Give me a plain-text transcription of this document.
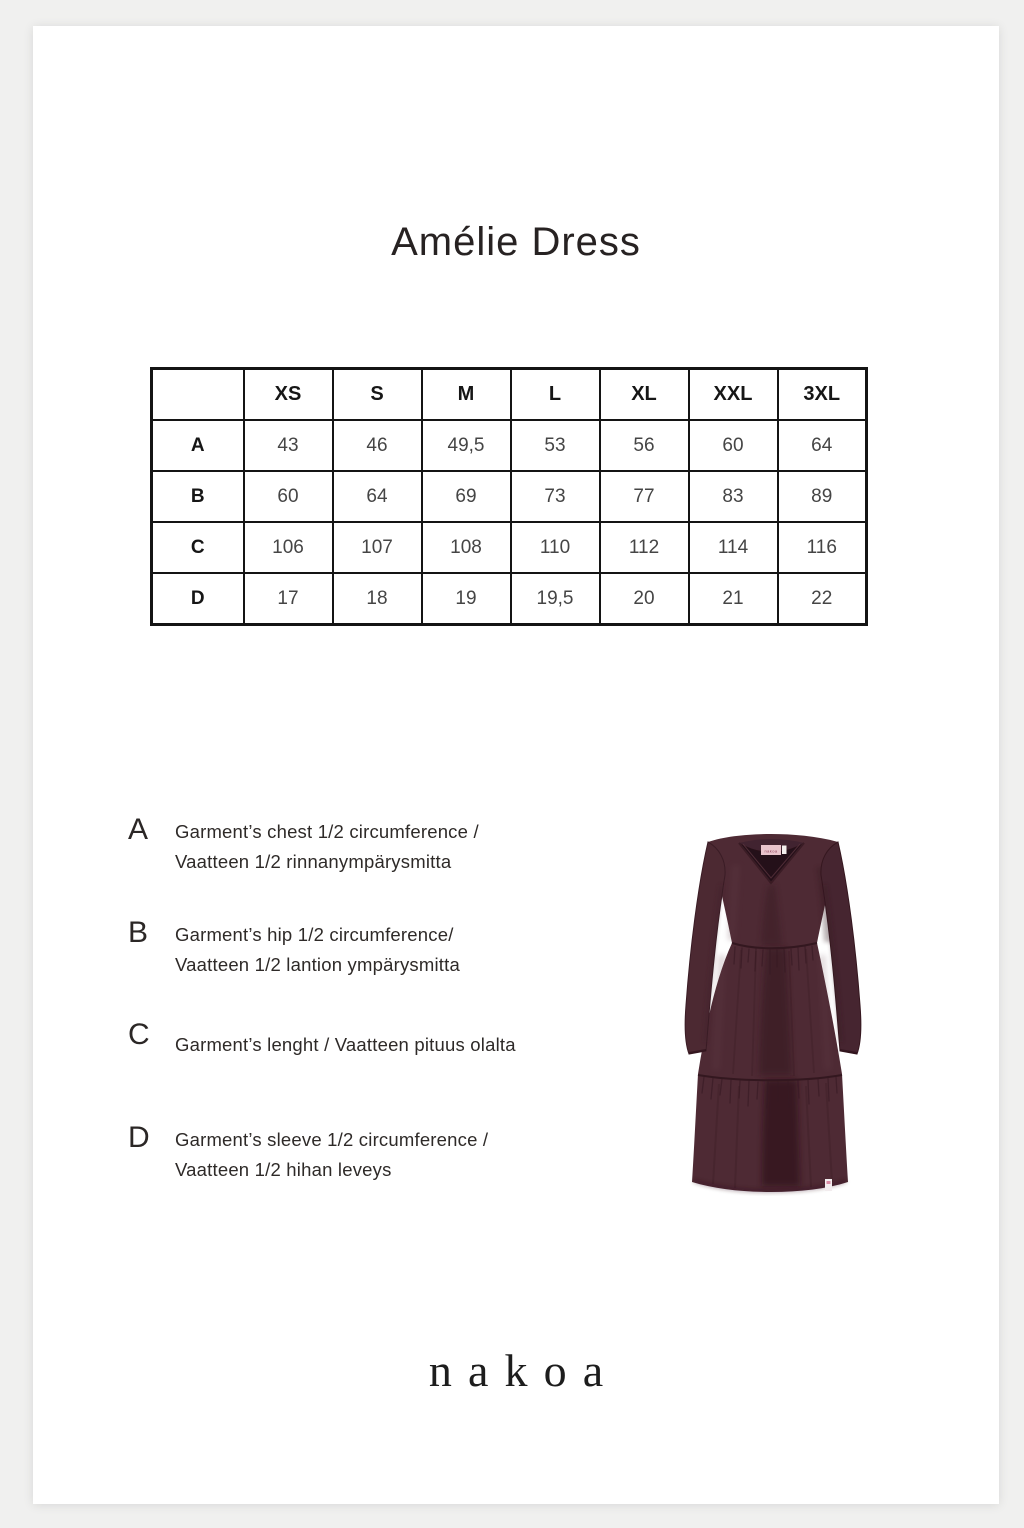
Amélie Dress
	XS	S	M	L	XL	XXL	3XL
A	43	46	49,5	53	56	60	64
B	60	64	69	73	77	83	89
C	106	107	108	110	112	114	116
D	17	18	19	19,5	20	21	22
A	Garment’s chest 1/2 circumference /
Vaatteen 1/2 rinnanympärysmitta
B	Garment’s hip 1/2 circumference/
Vaatteen 1/2 lantion ympärysmitta
C	Garment’s lenght / Vaatteen pituus olalta
D	Garment’s sleeve 1/2 circumference /
Vaatteen 1/2 hihan leveys
nakoa
nakoa
